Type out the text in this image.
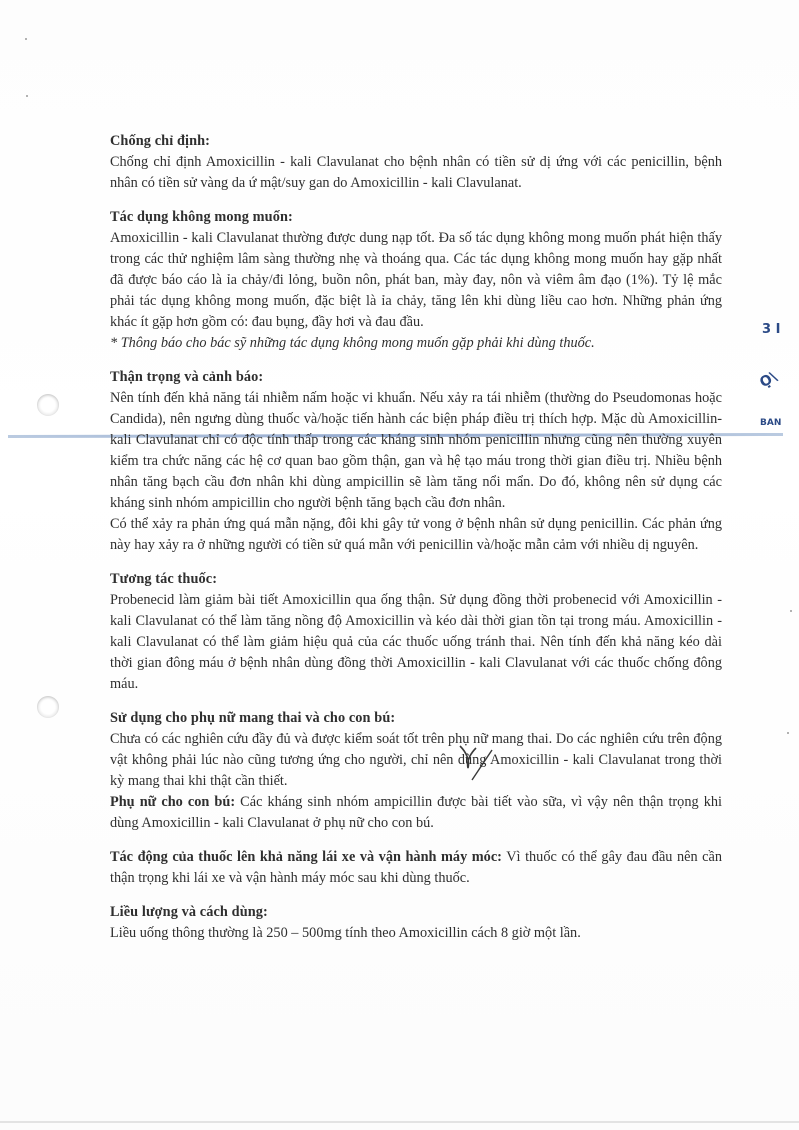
3 I
Ọ\
BAN
Chống chỉ định:
Chống chỉ định Amoxicillin - kali Clavulanat cho bệnh nhân có tiền sử dị ứng với các penicillin, bệnh nhân có tiền sử vàng da ứ mật/suy gan do Amoxicillin - kali Clavulanat.
Tác dụng không mong muốn:
Amoxicillin - kali Clavulanat thường được dung nạp tốt. Đa số tác dụng không mong muốn phát hiện thấy trong các thử nghiệm lâm sàng thường nhẹ và thoáng qua. Các tác dụng không mong muốn hay gặp nhất đã được báo cáo là ỉa chảy/đi lỏng, buồn nôn, phát ban, mày đay, nôn và viêm âm đạo (1%). Tỷ lệ mắc phải tác dụng không mong muốn, đặc biệt là ỉa chảy, tăng lên khi dùng liều cao hơn. Những phản ứng khác ít gặp hơn gồm có: đau bụng, đầy hơi và đau đầu.
* Thông báo cho bác sỹ những tác dụng không mong muốn gặp phải khi dùng thuốc.
Thận trọng và cảnh báo:
Nên tính đến khả năng tái nhiễm nấm hoặc vi khuẩn. Nếu xảy ra tái nhiễm (thường do Pseudomonas hoặc Candida), nên ngưng dùng thuốc và/hoặc tiến hành các biện pháp điều trị thích hợp. Mặc dù Amoxicillin- kali Clavulanat chỉ có độc tính thấp trong các kháng sinh nhóm penicillin nhưng cũng nên thường xuyên kiểm tra chức năng các hệ cơ quan bao gồm thận, gan và hệ tạo máu trong thời gian điều trị. Nhiều bệnh nhân tăng bạch cầu đơn nhân khi dùng ampicillin sẽ làm tăng nổi mẩn. Do đó, không nên sử dụng các kháng sinh nhóm ampicillin cho người bệnh tăng bạch cầu đơn nhân.
Có thể xảy ra phản ứng quá mẫn nặng, đôi khi gây tử vong ở bệnh nhân sử dụng penicillin. Các phản ứng này hay xảy ra ở những người có tiền sử quá mẫn với penicillin và/hoặc mẫn cảm với nhiều dị nguyên.
Tương tác thuốc:
Probenecid làm giảm bài tiết Amoxicillin qua ống thận. Sử dụng đồng thời probenecid với Amoxicillin - kali Clavulanat có thể làm tăng nồng độ Amoxicillin và kéo dài thời gian tồn tại trong máu. Amoxicillin - kali Clavulanat có thể làm giảm hiệu quả của các thuốc uống tránh thai. Nên tính đến khả năng kéo dài thời gian đông máu ở bệnh nhân dùng đồng thời Amoxicillin - kali Clavulanat với các thuốc chống đông máu.
Sử dụng cho phụ nữ mang thai và cho con bú:
Chưa có các nghiên cứu đầy đủ và được kiểm soát tốt trên phụ nữ mang thai. Do các nghiên cứu trên động vật không phải lúc nào cũng tương ứng cho người, chỉ nên dùng Amoxicillin - kali Clavulanat trong thời kỳ mang thai khi thật cần thiết.
Phụ nữ cho con bú: Các kháng sinh nhóm ampicillin được bài tiết vào sữa, vì vậy nên thận trọng khi dùng Amoxicillin - kali Clavulanat ở phụ nữ cho con bú.
Tác động của thuốc lên khả năng lái xe và vận hành máy móc: Vì thuốc có thể gây đau đầu nên cần thận trọng khi lái xe và vận hành máy móc sau khi dùng thuốc.
Liều lượng và cách dùng:
Liều uống thông thường là 250 – 500mg tính theo Amoxicillin cách 8 giờ một lần.
